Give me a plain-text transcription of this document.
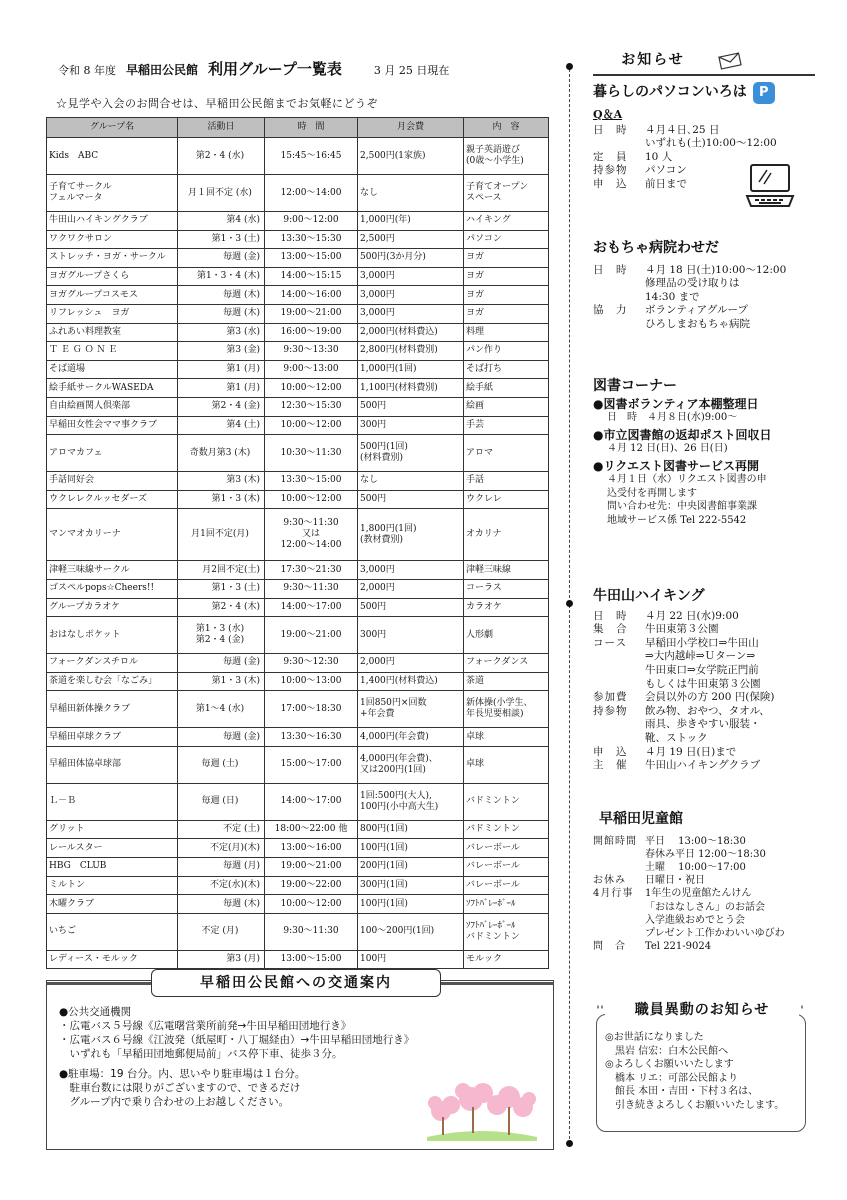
令和 8 年度 早稲田公民館 利用グループ一覧表	3 月 25 日現在
☆見学や入会のお問合せは、早稲田公民館までお気軽にどうぞ
グループ名	活動日	時　間	月会費	内　容
Kids　ABC	第2・4 (水)	15:45～16:45	2,500円(1家族)	親子英語遊び
(0歳～小学生)
子育てサークル
フェルマータ	月１回不定 (水)	12:00～14:00	なし	子育てオープン
スペース
牛田山ハイキングクラブ	第4 (水)	9:00～12:00	1,000円(年)	ハイキング
ワクワクサロン	第1・3 (土)	13:30～15:30	2,500円	パソコン
ストレッチ・ヨガ・サークル	毎週 (金)	13:00～15:00	500円(3か月分)	ヨガ
ヨガグループさくら	第1・3・4 (木)	14:00～15:15	3,000円	ヨガ
ヨガグループコスモス	毎週 (木)	14:00～16:00	3,000円	ヨガ
リフレッシュ　ヨガ	毎週 (木)	19:00～21:00	3,000円	ヨガ
ふれあい料理教室	第3 (水)	16:00～19:00	2,000円(材料費込)	料理
Ｔ Ｅ Ｇ Ｏ Ｎ Ｅ	第3 (金)	9:30～13:30	2,800円(材料費別)	パン作り
そば道場	第1 (月)	9:00～13:00	1,000円(1回)	そば打ち
絵手紙サークルWASEDA	第1 (月)	10:00～12:00	1,100円(材料費別)	絵手紙
自由絵画関人倶楽部	第2・4 (金)	12:30～15:30	500円	絵画
早稲田女性会ママ事クラブ	第4 (土)	10:00～12:00	300円	手芸
アロマカフェ	奇数月第3 (木)	10:30～11:30	500円(1回)
(材料費別)	アロマ
手話同好会	第3 (木)	13:30～15:00	なし	手話
ウクレレクルッセダーズ	第1・3 (木)	10:00～12:00	500円	ウクレレ
マンマオカリーナ	月1回不定(月)	9:30～11:30
又は
12:00～14:00	1,800円(1回)
(教材費別)	オカリナ
津軽三味線サークル	月2回不定(土)	17:30～21:30	3,000円	津軽三味線
ゴスペルpops☆Cheers!!	第1・3 (土)	9:30～11:30	2,000円	コーラス
グループカラオケ	第2・4 (木)	14:00～17:00	500円	カラオケ
おはなしポケット	第1・3 (水)
第2・4 (金)	19:00～21:00	300円	人形劇
フォークダンスチロル	毎週 (金)	9:30～12:30	2,000円	フォークダンス
茶道を楽しむ会「なごみ」	第1・3 (木)	10:00～13:00	1,400円(材料費込)	茶道
早稲田新体操クラブ	第1～4 (水)	17:00～18:30	1回850円×回数
+年会費	新体操(小学生、
年長児要相談)
早稲田卓球クラブ	毎週 (金)	13:30～16:30	4,000円(年会費)	卓球
早稲田体協卓球部	毎週 (土)	15:00～17:00	4,000円(年会費)、
又は200円(1回)	卓球
Ｌ－Ｂ	毎週 (日)	14:00～17:00	1回:500円(大人),
100円(小中高大生)	バドミントン
グリット	不定 (土)	18:00～22:00 他	800円(1回)	バドミントン
レールスター	不定(月)(木)	13:00～16:00	100円(1回)	バレーボール
HBG　CLUB	毎週 (月)	19:00～21:00	200円(1回)	バレーボール
ミルトン	不定(水)(木)	19:00～22:00	300円(1回)	バレーボール
木曜クラブ	毎週 (木)	10:00～12:00	100円(1回)	ｿﾌﾄﾊﾞﾚｰﾎﾞｰﾙ
いちご	不定 (月)	9:30～11:30	100～200円(1回)	ｿﾌﾄﾊﾞﾚｰﾎﾞｰﾙ
バドミントン
レディース・モルック	第3 (月)	13:00～15:00	100円	モルック
早稲田公民館への交通案内
●公共交通機関
・広電バス５号線《広電曙営業所前発→牛田早稲田団地行き》
・広電バス６号線《江波発（紙屋町・八丁堀経由）→牛田早稲田団地行き》
　いずれも「早稲田団地郵便局前」バス停下車、徒歩３分。
●駐車場：19 台分。内、思いやり駐車場は１台分。
　駐車台数には限りがございますので、できるだけ
　グループ内で乗り合わせの上お越しください。
お知らせ
暮らしのパソコンいろは P
Q＆A
日　時	４月４日､25 日
いずれも(土)10:00～12:00
定　員	10 人
持参物	パソコン
申　込	前日まで
おもちゃ病院わせだ
日　時	４月 18 日(土)10:00～12:00
修理品の受け取りは
14:30 まで
協　力	ボランティアグループ
ひろしまおもちゃ病院
図書コーナー
●図書ボランティア本棚整理日
日　時　４月８日(水)9:00～
●市立図書館の返却ポスト回収日
４月 12 日(日)、26 日(日)
●リクエスト図書サービス再開
４月１日（水）リクエスト図書の申
込受付を再開します
問い合わせ先：中央図書館事業課
地域サービス係 Tel 222-5542
牛田山ハイキング
日　時	４月 22 日(水)9:00
集　合	牛田東第３公園
コース	早稲田小学校口⇒牛田山
⇒大内越峠⇒Ｕターン⇒
牛田東口⇒女学院正門前
もしくは牛田東第３公園
参加費	会員以外の方 200 円(保険)
持参物	飲み物、おやつ、タオル、
雨具、歩きやすい服装・
靴、ストック
申　込	４月 19 日(日)まで
主　催	牛田山ハイキングクラブ
早稲田児童館
開館時間 平日　 13:00～18:30
春休み平日 12:00～18:30
土曜　 10:00～17:00
お休み	日曜日・祝日
4月行事	1年生の児童館たんけん
「おはなしさん」のお話会
入学進級おめでとう会
プレゼント工作かわいいゆびわ
問　合	Tel 221-9024
職員異動のお知らせ
◎お世話になりました
　黒岩 信宏：白木公民館へ
◎よろしくお願いいたします
　橋本 リエ：可部公民館より
　館長 本田・吉田・下村３名は、
　引き続きよろしくお願いいたします。
